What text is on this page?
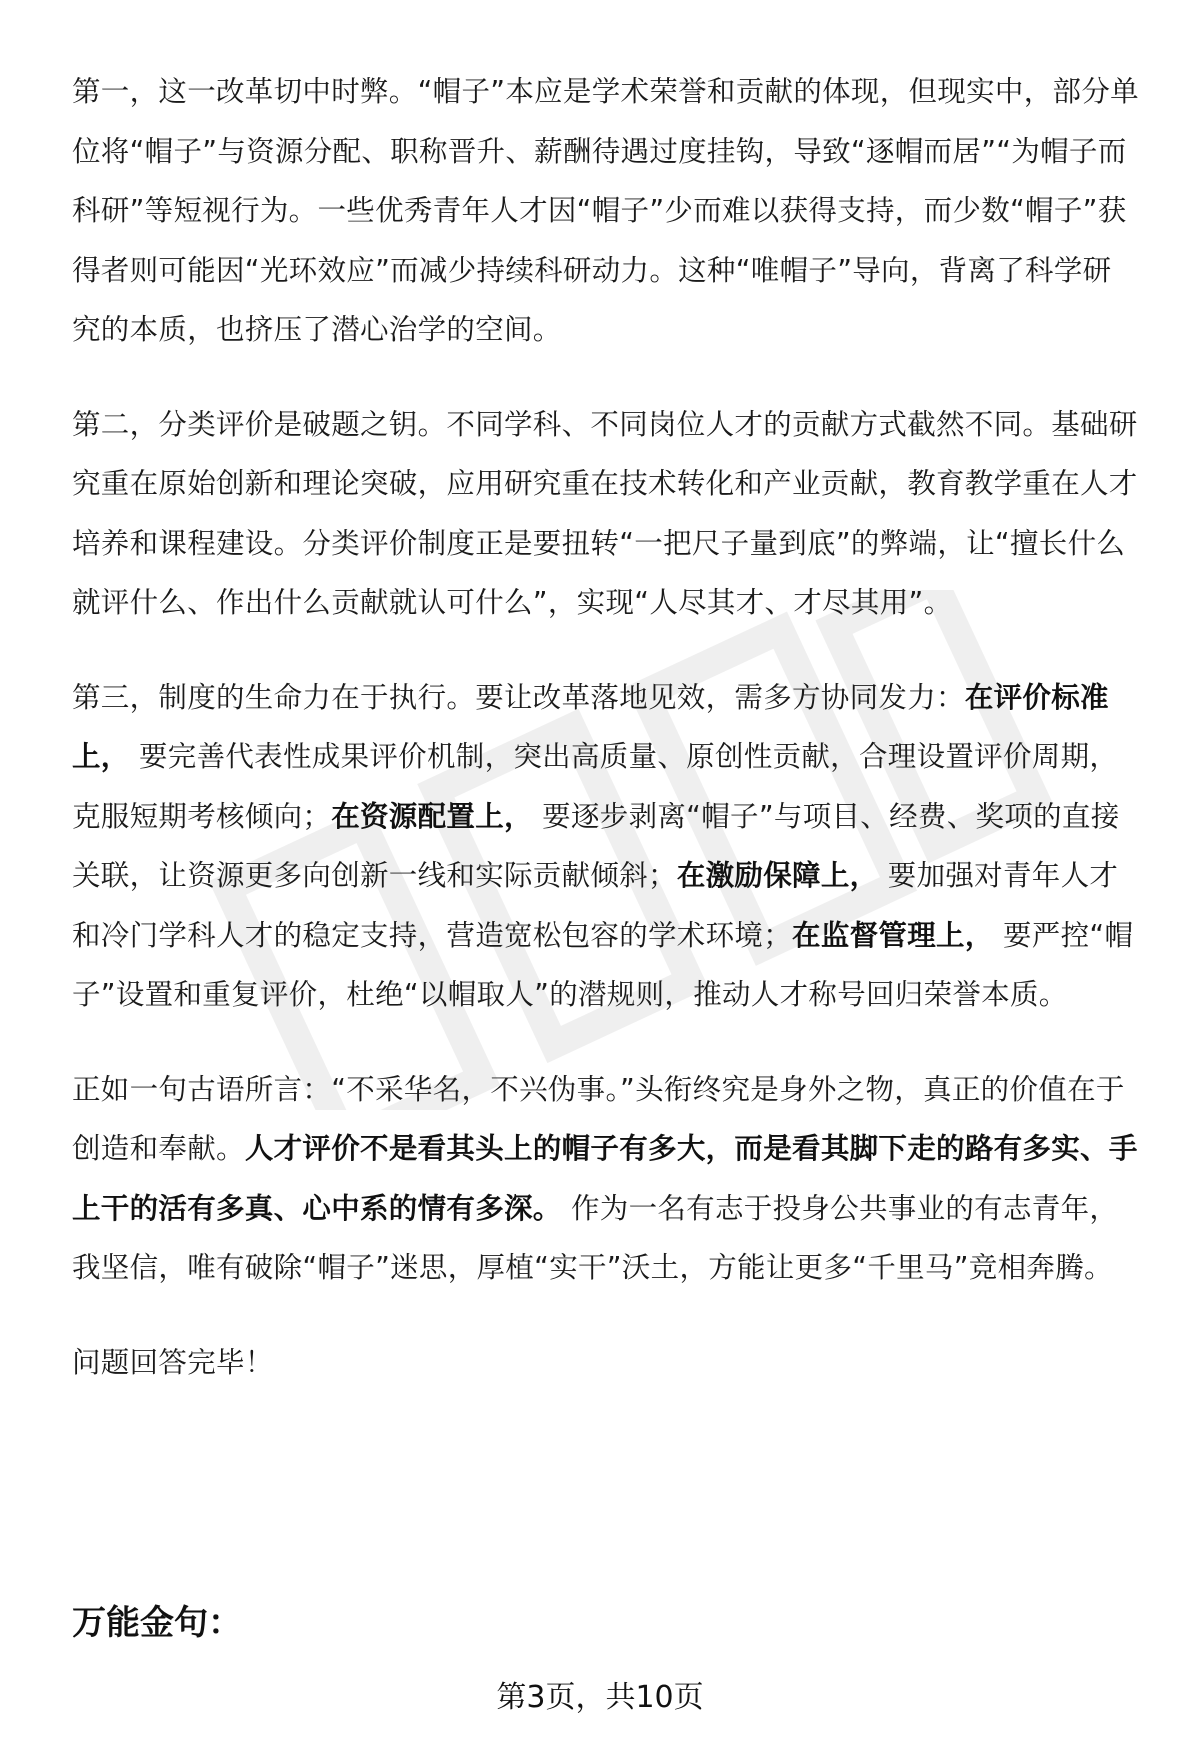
第一，这一改革切中时弊。“帽子”本应是学术荣誉和贡献的体现，但现实中，部分单位将“帽子”与资源分配、职称晋升、薪酬待遇过度挂钩，导致“逐帽而居”“为帽子而科研”等短视行为。一些优秀青年人才因“帽子”少而难以获得支持，而少数“帽子”获得者则可能因“光环效应”而减少持续科研动力。这种“唯帽子”导向，背离了科学研究的本质，也挤压了潜心治学的空间。

第二，分类评价是破题之钥。不同学科、不同岗位人才的贡献方式截然不同。基础研究重在原始创新和理论突破，应用研究重在技术转化和产业贡献，教育教学重在人才培养和课程建设。分类评价制度正是要扭转“一把尺子量到底”的弊端，让“擅长什么就评什么、作出什么贡献就认可什么”，实现“人尽其才、才尽其用”。

第三，制度的生命力在于执行。要让改革落地见效，需多方协同发力：在评价标准上， 要完善代表性成果评价机制，突出高质量、原创性贡献，合理设置评价周期，克服短期考核倾向；在资源配置上， 要逐步剥离“帽子”与项目、经费、奖项的直接关联，让资源更多向创新一线和实际贡献倾斜；在激励保障上， 要加强对青年人才和冷门学科人才的稳定支持，营造宽松包容的学术环境；在监督管理上， 要严控“帽子”设置和重复评价，杜绝“以帽取人”的潜规则，推动人才称号回归荣誉本质。

正如一句古语所言：“不采华名，不兴伪事。”头衔终究是身外之物，真正的价值在于创造和奉献。人才评价不是看其头上的帽子有多大，而是看其脚下走的路有多实、手上干的活有多真、心中系的情有多深。 作为一名有志于投身公共事业的有志青年，我坚信，唯有破除“帽子”迷思，厚植“实干”沃土，方能让更多“千里马”竞相奔腾。

问题回答完毕！

万能金句：
第3页，共10页
